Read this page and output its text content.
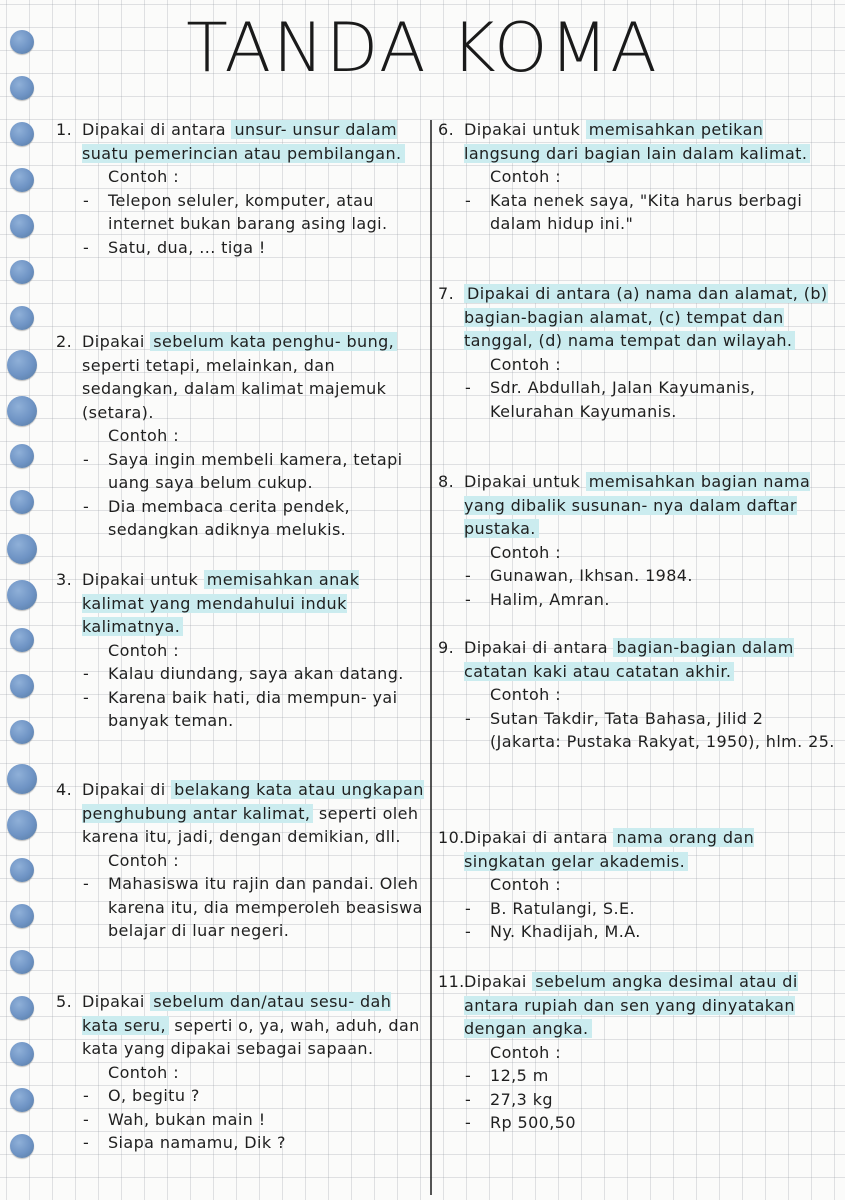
TANDA KOMA
1. Dipakai di antara unsur- unsur dalam suatu pemerincian atau pembilangan.
Contoh :
- Telepon seluler, komputer, atau internet bukan barang asing lagi.
- Satu, dua, ... tiga !
2. Dipakai sebelum kata penghu- bung, seperti tetapi, melainkan, dan sedangkan, dalam kalimat majemuk (setara).
Contoh :
- Saya ingin membeli kamera, tetapi uang saya belum cukup.
- Dia membaca cerita pendek, sedangkan adiknya melukis.
3. Dipakai untuk memisahkan anak kalimat yang mendahului induk kalimatnya.
Contoh :
- Kalau diundang, saya akan datang.
- Karena baik hati, dia mempun- yai banyak teman.
4. Dipakai di belakang kata atau ungkapan penghubung antar kalimat, seperti oleh karena itu, jadi, dengan demikian, dll.
Contoh :
- Mahasiswa itu rajin dan pandai. Oleh karena itu, dia memperoleh beasiswa belajar di luar negeri.
5. Dipakai sebelum dan/atau sesu- dah kata seru, seperti o, ya, wah, aduh, dan kata yang dipakai sebagai sapaan.
Contoh :
- O, begitu ?
- Wah, bukan main !
- Siapa namamu, Dik ?
6. Dipakai untuk memisahkan petikan langsung dari bagian lain dalam kalimat.
Contoh :
- Kata nenek saya, "Kita harus berbagi dalam hidup ini."
7. Dipakai di antara (a) nama dan alamat, (b) bagian-bagian alamat, (c) tempat dan tanggal, (d) nama tempat dan wilayah.
Contoh :
- Sdr. Abdullah, Jalan Kayumanis, Kelurahan Kayumanis.
8. Dipakai untuk memisahkan bagian nama yang dibalik susunan- nya dalam daftar pustaka.
Contoh :
- Gunawan, Ikhsan. 1984.
- Halim, Amran.
9. Dipakai di antara bagian-bagian dalam catatan kaki atau catatan akhir.
Contoh :
- Sutan Takdir, Tata Bahasa, Jilid 2 (Jakarta: Pustaka Rakyat, 1950), hlm. 25.
10. Dipakai di antara nama orang dan singkatan gelar akademis.
Contoh :
- B. Ratulangi, S.E.
- Ny. Khadijah, M.A.
11. Dipakai sebelum angka desimal atau di antara rupiah dan sen yang dinyatakan dengan angka.
Contoh :
- 12,5 m
- 27,3 kg
- Rp 500,50
